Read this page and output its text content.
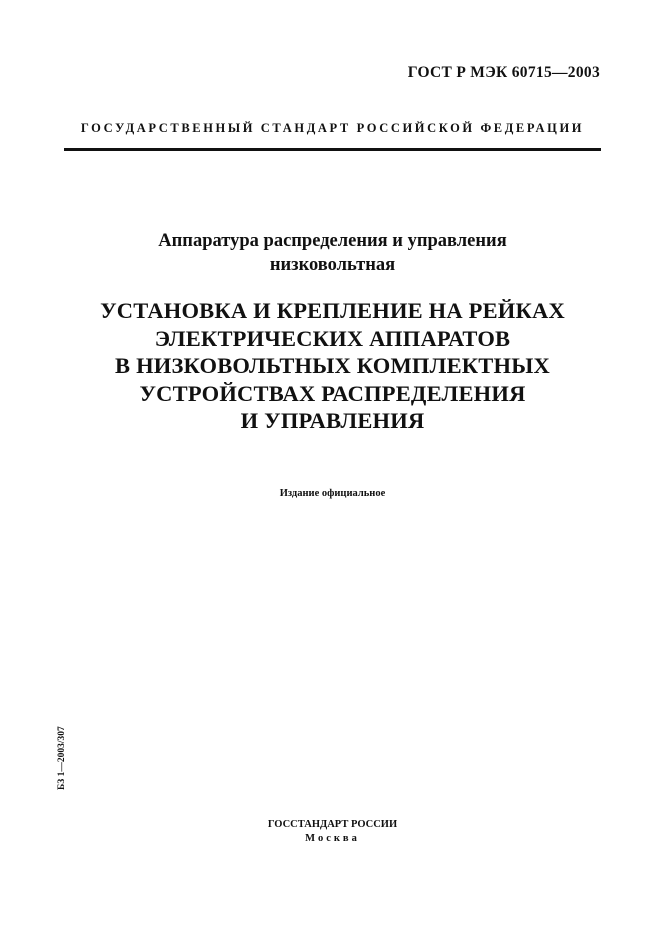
ГОСТ Р МЭК 60715—2003
ГОСУДАРСТВЕННЫЙ СТАНДАРТ РОССИЙСКОЙ ФЕДЕРАЦИИ
Аппаратура распределения и управления
низковольтная
УСТАНОВКА И КРЕПЛЕНИЕ НА РЕЙКАХ
ЭЛЕКТРИЧЕСКИХ АППАРАТОВ
В НИЗКОВОЛЬТНЫХ КОМПЛЕКТНЫХ
УСТРОЙСТВАХ РАСПРЕДЕЛЕНИЯ
И УПРАВЛЕНИЯ
Издание официальное
БЗ 1—2003/307
ГОССТАНДАРТ РОССИИ
Москва
